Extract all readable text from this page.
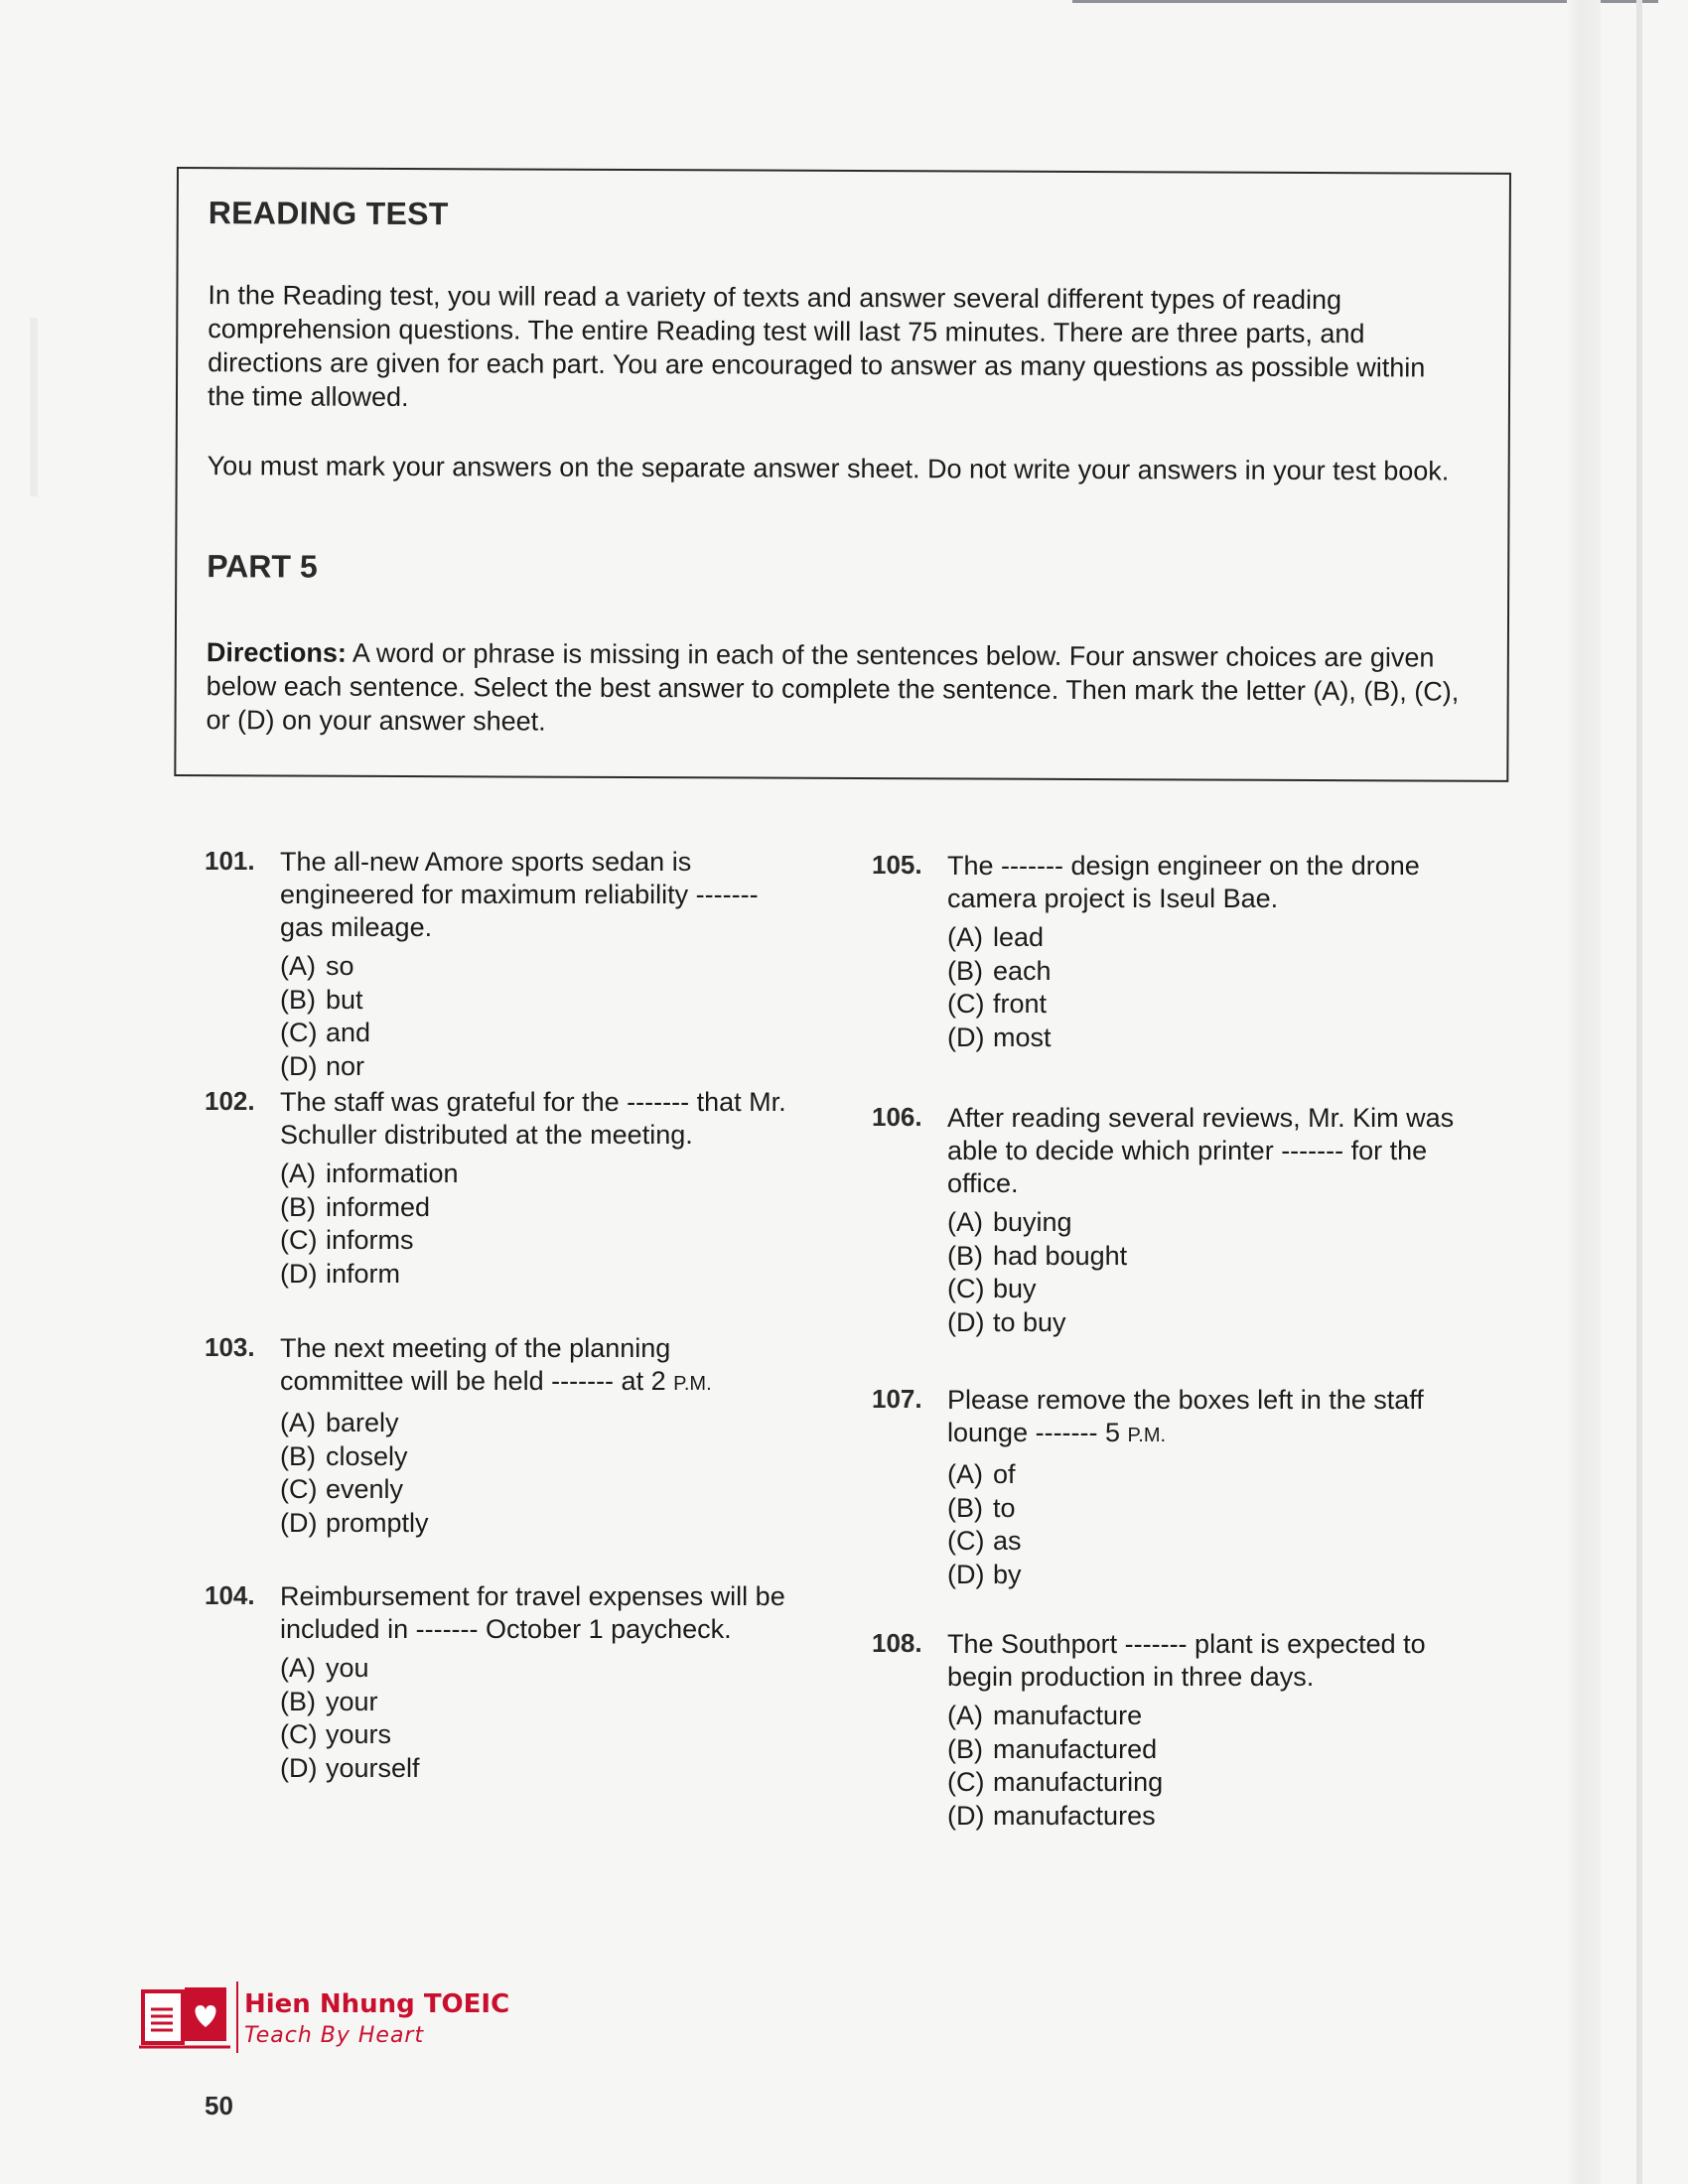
READING TEST
In the Reading test, you will read a variety of texts and answer several different types of reading comprehension questions. The entire Reading test will last 75 minutes. There are three parts, and directions are given for each part. You are encouraged to answer as many questions as possible within the time allowed.
You must mark your answers on the separate answer sheet. Do not write your answers in your test book.
PART 5
Directions: A word or phrase is missing in each of the sentences below. Four answer choices are given below each sentence. Select the best answer to complete the sentence. Then mark the letter (A), (B), (C), or (D) on your answer sheet.
101. The all-new Amore sports sedan is engineered for maximum reliability ------- gas mileage.
(A) so
(B) but
(C) and
(D) nor
102. The staff was grateful for the ------- that Mr. Schuller distributed at the meeting.
(A) information
(B) informed
(C) informs
(D) inform
103. The next meeting of the planning committee will be held ------- at 2 P.M.
(A) barely
(B) closely
(C) evenly
(D) promptly
104. Reimbursement for travel expenses will be included in ------- October 1 paycheck.
(A) you
(B) your
(C) yours
(D) yourself
105. The ------- design engineer on the drone camera project is Iseul Bae.
(A) lead
(B) each
(C) front
(D) most
106. After reading several reviews, Mr. Kim was able to decide which printer ------- for the office.
(A) buying
(B) had bought
(C) buy
(D) to buy
107. Please remove the boxes left in the staff lounge ------- 5 P.M.
(A) of
(B) to
(C) as
(D) by
108. The Southport ------- plant is expected to begin production in three days.
(A) manufacture
(B) manufactured
(C) manufacturing
(D) manufactures
Hien Nhung TOEIC
Teach By Heart
50
